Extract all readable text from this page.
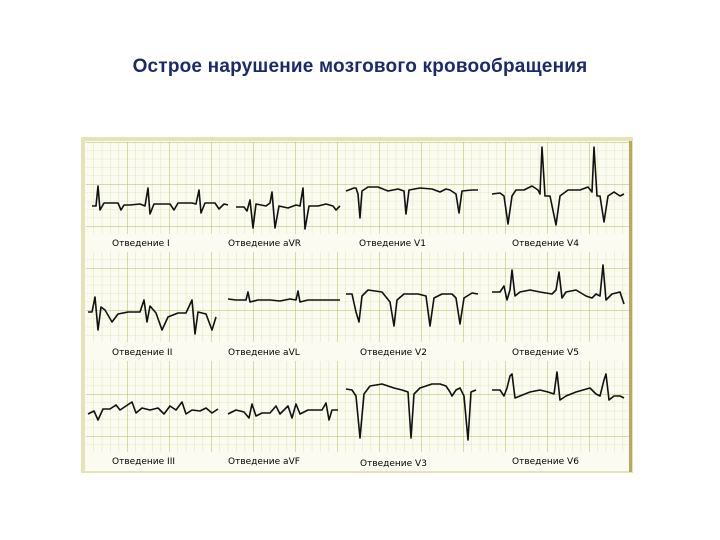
Острое нарушение мозгового кровообращения
Отведение I	Отведение aVR	Отведение V1	Отведение V4
Отведение II	Отведение aVL	Отведение V2	Отведение V5
Отведение III	Отведение aVF	Отведение V3	Отведение V6
